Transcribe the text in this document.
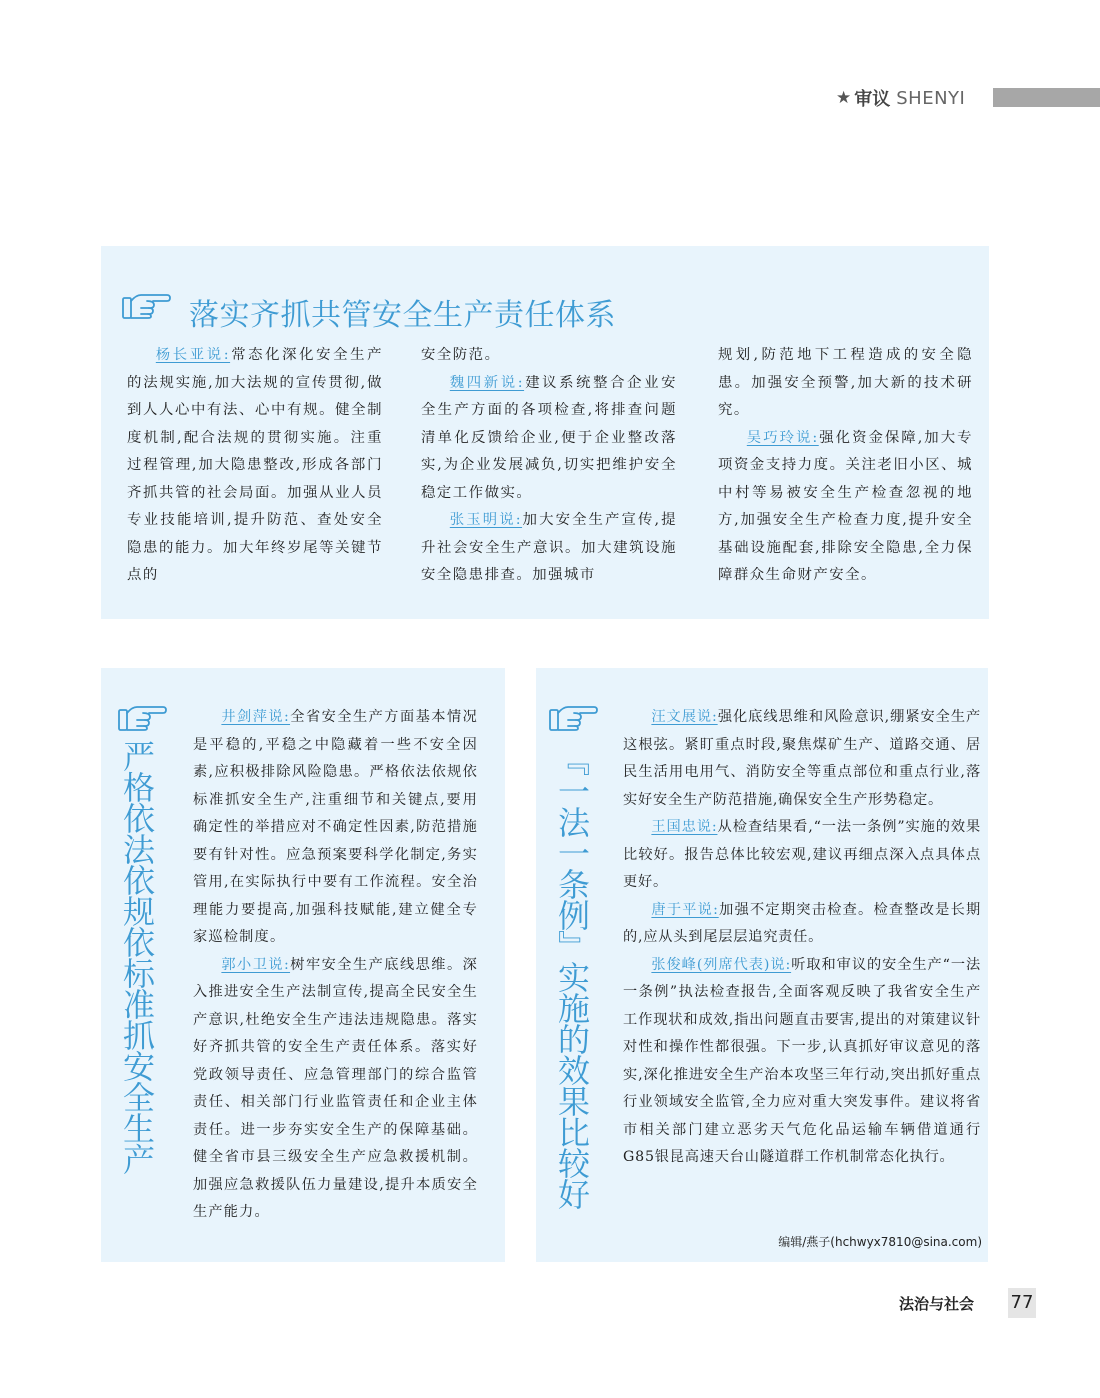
★ 审议 SHENYI
落实齐抓共管安全生产责任体系

杨长亚说:常态化深化安全生产的法规实施,加大法规的宣传贯彻,做到人人心中有法、心中有规。健全制度机制,配合法规的贯彻实施。注重过程管理,加大隐患整改,形成各部门齐抓共管的社会局面。加强从业人员专业技能培训,提升防范、查处安全隐患的能力。加大年终岁尾等关键节点的

安全防范。

魏四新说:建议系统整合企业安全生产方面的各项检查,将排查问题清单化反馈给企业,便于企业整改落实,为企业发展减负,切实把维护安全稳定工作做实。

张玉明说:加大安全生产宣传,提升社会安全生产意识。加大建筑设施安全隐患排查。加强城市

规划,防范地下工程造成的安全隐患。加强安全预警,加大新的技术研究。

吴巧玲说:强化资金保障,加大专项资金支持力度。关注老旧小区、城中村等易被安全生产检查忽视的地方,加强安全生产检查力度,提升安全基础设施配套,排除安全隐患,全力保障群众生命财产安全。

严格依法依规依标准抓安全生产

井剑萍说:全省安全生产方面基本情况是平稳的,平稳之中隐藏着一些不安全因素,应积极排除风险隐患。严格依法依规依标准抓安全生产,注重细节和关键点,要用确定性的举措应对不确定性因素,防范措施要有针对性。应急预案要科学化制定,务实管用,在实际执行中要有工作流程。安全治理能力要提高,加强科技赋能,建立健全专家巡检制度。

郭小卫说:树牢安全生产底线思维。深入推进安全生产法制宣传,提高全民安全生产意识,杜绝安全生产违法违规隐患。落实好齐抓共管的安全生产责任体系。落实好党政领导责任、应急管理部门的综合监管责任、相关部门行业监管责任和企业主体责任。进一步夯实安全生产的保障基础。健全省市县三级安全生产应急救援机制。加强应急救援队伍力量建设,提升本质安全生产能力。

『一法一条例』实施的效果比较好

汪文展说:强化底线思维和风险意识,绷紧安全生产这根弦。紧盯重点时段,聚焦煤矿生产、道路交通、居民生活用电用气、消防安全等重点部位和重点行业,落实好安全生产防范措施,确保安全生产形势稳定。

王国忠说:从检查结果看,“一法一条例”实施的效果比较好。报告总体比较宏观,建议再细点深入点具体点更好。

唐于平说:加强不定期突击检查。检查整改是长期的,应从头到尾层层追究责任。

张俊峰(列席代表)说:听取和审议的安全生产“一法一条例”执法检查报告,全面客观反映了我省安全生产工作现状和成效,指出问题直击要害,提出的对策建议针对性和操作性都很强。下一步,认真抓好审议意见的落实,深化推进安全生产治本攻坚三年行动,突出抓好重点行业领域安全监管,全力应对重大突发事件。建议将省市相关部门建立恶劣天气危化品运输车辆借道通行G85银昆高速天台山隧道群工作机制常态化执行。

编辑/燕子(hchwyx7810@sina.com)
法治与社会 77
